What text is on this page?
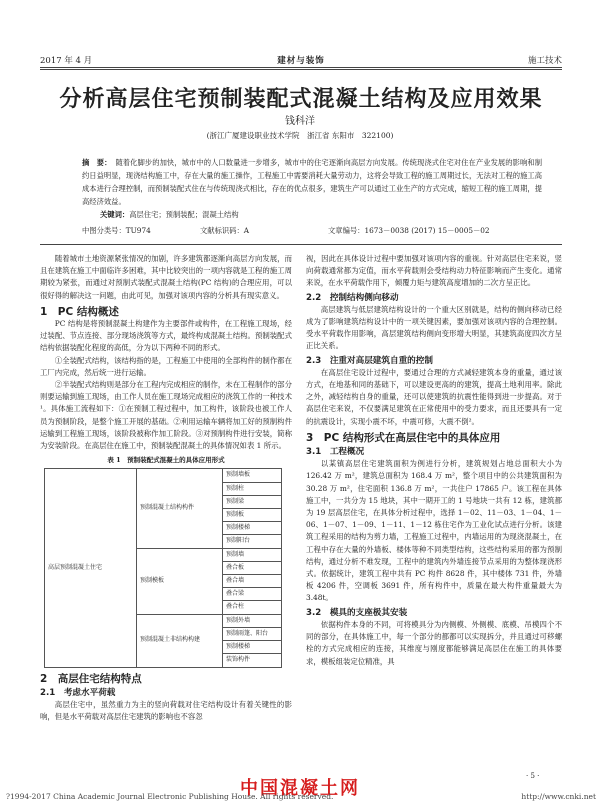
2017 年 4 月	建材与装饰	施工技术
分析高层住宅预制装配式混凝土结构及应用效果
钱科洋
(浙江广厦建设职业技术学院　浙江省 东阳市　322100)
摘　要： 随着化脚步的加快，城市中的人口数量进一步增多，城市中的住宅逐渐向高层方向发展。传统现浇式住宅对住在产业发展的影响和制约日益明显，现浇结构施工中，存在大量的施工操作，工程施工中需要消耗大量劳动力，这将会导致工程的施工周期过长，无法对工程的施工高成本进行合理控制，而预制装配式住在与传统现浇式相比，存在的优点很多，建筑生产可以通过工业生产的方式完成，缩短工程的施工周期，提高经济效益。
关键词：高层住宅；预制装配；混凝土结构
中图分类号：TU974	文献标识码：A	文章编号：1673－0038 (2017) 15－0005－02

随着城市土地资源紧张情况的加剧，许多建筑都逐渐向高层方向发展，而且在建筑在施工中面临许多困难，其中比较突出的一项内容就是工程的施工周期较为紧张，而通过对预制式装配式混凝土结构(PC 结构)的合理应用，可以很好得的解决这一问题，由此可见，加强对该项内容的分析具有现实意义。

1　PC 结构概述

PC 结构是将预制混凝土构建作为主要部件或构件，在工程施工现场，经过装配、节点连接、部分现场浇筑等方式，最终构成混凝土结构。预制装配式结构依据装配化程度的高低，分为以下两种不同的形式。

①全装配式结构，该结构指的是，工程施工中使用的全部构件的制作都在工厂内完成，然后统一进行运输。

②半装配式结构则是部分在工程内完成相应的制作，未在工程制作的部分则要运输到施工现场，由工作人员在施工现场完成相应的浇筑工作的一种技术¹。具体施工流程如下：①在预制工程过程中，加工构件，该阶段也被工作人员为预制阶段，是整个施工开展的基础。②利用运输车辆将加工好的预制构件运输到工程施工现场，该阶段被称作加工阶段。③对预制构件进行安装，简称为安装阶段。在高层住在施工中，预制装配混凝土的具体情况如表 1 所示。

表 1　预制装配式混凝土的具体应用形式

高层预制混凝土住宅	预制混凝土结构构件	预制墙板
		预制柱
		预制梁
		预制板
		预制楼梯
		预制阳台
	预制模板	预制墙
		叠合板
		叠合墙
		叠合梁
		叠合柱
	预制混凝土非结构构建	预制外墙
		预制雨篷、阳台
		预制楼梯
		装饰构件

2　高层住宅结构特点

2.1　考虑水平荷载

高层住宅中，虽然重力为主的竖向荷载对住宅结构设计有着关键性的影响，但是水平荷载对高层住宅建筑的影响也不容忽

视，因此在具体设计过程中要加强对该项内容的重视。针对高层住宅来说，竖向荷载通常都为定值，而水平荷载则会受结构动力特征影响而产生变化。通常来说，在水平荷载作用下，倾覆力矩与建筑高度增加的二次方呈正比。

2.2　控制结构侧向移动

高层建筑与低层建筑结构设计的一个重大区别就是，结构的侧向移动已经成为了影响建筑结构设计中的一项关键因素，要加强对该项内容的合理控制。受水平荷载作用影响，高层建筑结构侧向变形增大明显，其建筑高度四次方呈正比关系。

2.3　注重对高层建筑自重的控制

在高层住宅设计过程中，要通过合理的方式减轻建筑本身的重量，通过该方式，在地基和同的基础下，可以建设更高的的建筑，提高土地利用率。除此之外，减轻结构自身的重量，还可以使建筑的抗震性能得到进一步提高。对于高层住宅来说，不仅要满足建筑在正常使用中的受力要求，而且还要具有一定的抗震设计，实现小震不坏，中震可修，大震不倒²。

3　PC 结构形式在高层住宅中的具体应用

3.1　工程概况

以某镇高层住宅建筑面积为例进行分析，建筑规划占地总面积大小为 126.42 万 m²，建筑总面积为 168.4 万 m²，整个项目中的公共建筑面积为 30.28 万 m²，住宅面积 136.8 万 m²，一共住户 17865 户。该工程在具体施工中，一共分为 15 地块，其中一期开工的 1 号地块一共有 12 栋，建筑都为 19 层高层住宅，在具体分析过程中，选择 1－02、11－03、1－04、1－06、1－07、1－09、1－11、1－12 栋住宅作为工业化试点进行分析。该建筑工程采用的结构为剪力墙，工程施工过程中，内墙运用的为现浇混凝土，在工程中存在大量的外墙板、楼体等种不同类型结构，这些结构采用的都为预制结构，通过分析不难发现，工程中的建筑内外墙连接节点采用的为整体现浇形式。依据统计，建筑工程中共有 PC 构件 8628 件，其中楼体 731 件，外墙板 4206 件，空调板 3691 件，所有构件中，质量在最大构件重量最大为 3.48t。

3.2　模具的支座极其安装

依据构件本身的不同，可将模具分为内侧模、外侧模、底模、吊模四个不同的部分，在具体施工中，每一个部分的都都可以实现拆分，并且通过可移螺栓的方式完成相应的连接，其维度与刚度都能够满足高层住在施工的具体要求，模板组装定位精准，具

· 5 ·
中国混凝土网
?1994-2017 China Academic Journal Electronic Publishing House. All rights reserved.	http://www.cnki.net
